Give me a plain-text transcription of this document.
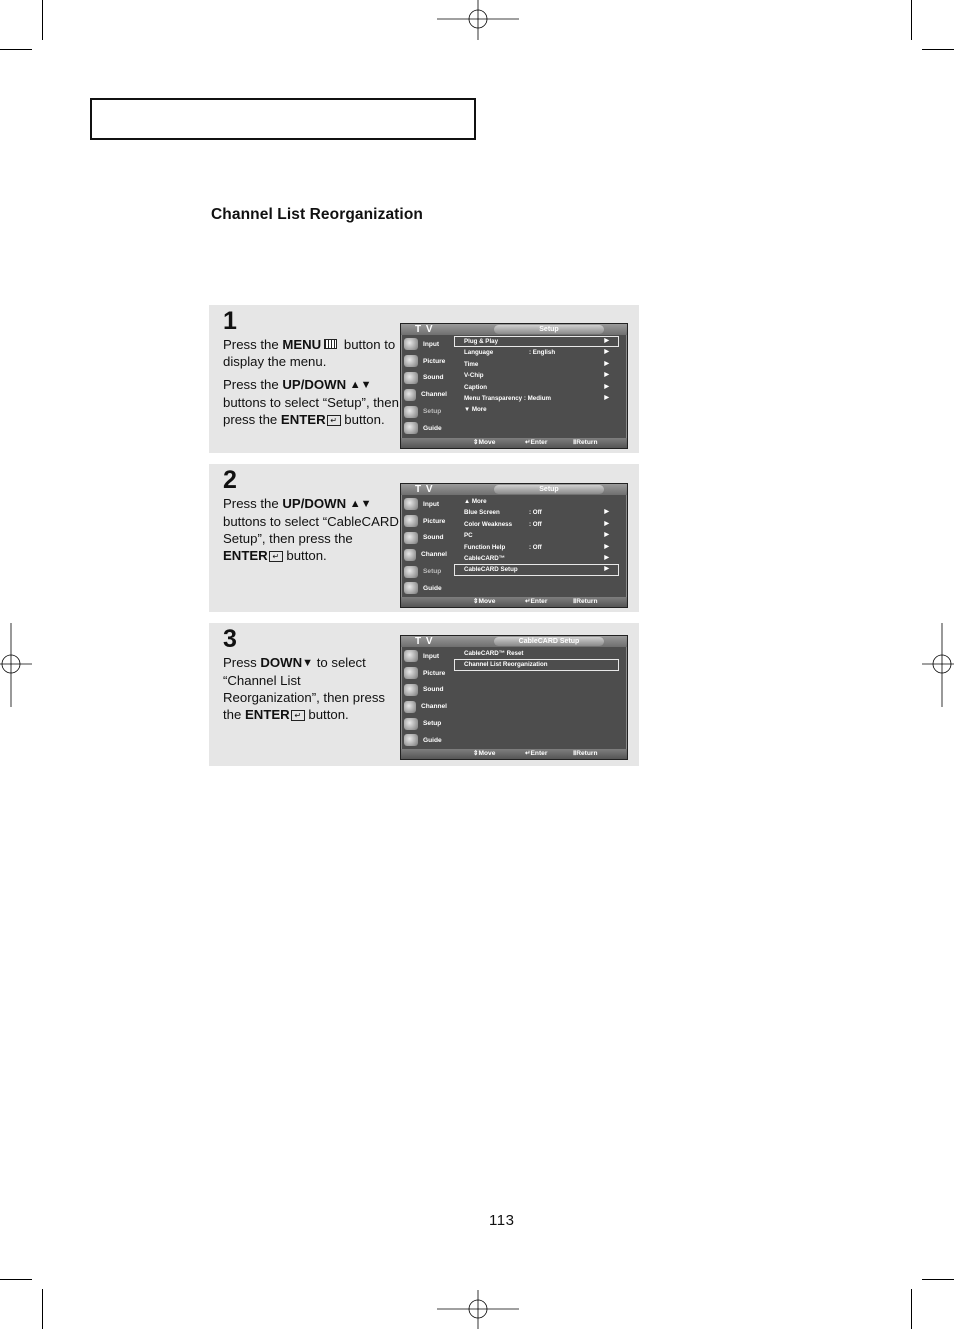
Channel List Reorganization
1

Press the MENU button to display the menu.

Press the UP/DOWN ▲▼ buttons to select “Setup”, then press the ENTER ↵ button.

T V	Setup
Input
Picture
Sound
Channel
Setup
Guide
Plug & Play	▶
Language	: English	▶
Time	▶
V-Chip	▶
Caption	▶
Menu Transparency : Medium	▶
▼ More
⇕ Move	↵ Enter	Ⅱ Return
2

Press the UP/DOWN ▲▼ buttons to select “CableCARD Setup”, then press the ENTER ↵ button.

T V	Setup
Input
Picture
Sound
Channel
Setup
Guide
▲ More
Blue Screen	: Off	▶
Color Weakness	: Off	▶
PC	▶
Function Help	: Off	▶
CableCARD™	▶
CableCARD Setup	▶
⇕ Move	↵ Enter	Ⅱ Return
3

Press DOWN▼ to select “Channel List Reorganization”, then press the ENTER ↵ button.

T V	CableCARD Setup
Input
Picture
Sound
Channel
Setup
Guide
CableCARD™ Reset
Channel List Reorganization
⇕ Move	↵ Enter	Ⅱ Return
113
